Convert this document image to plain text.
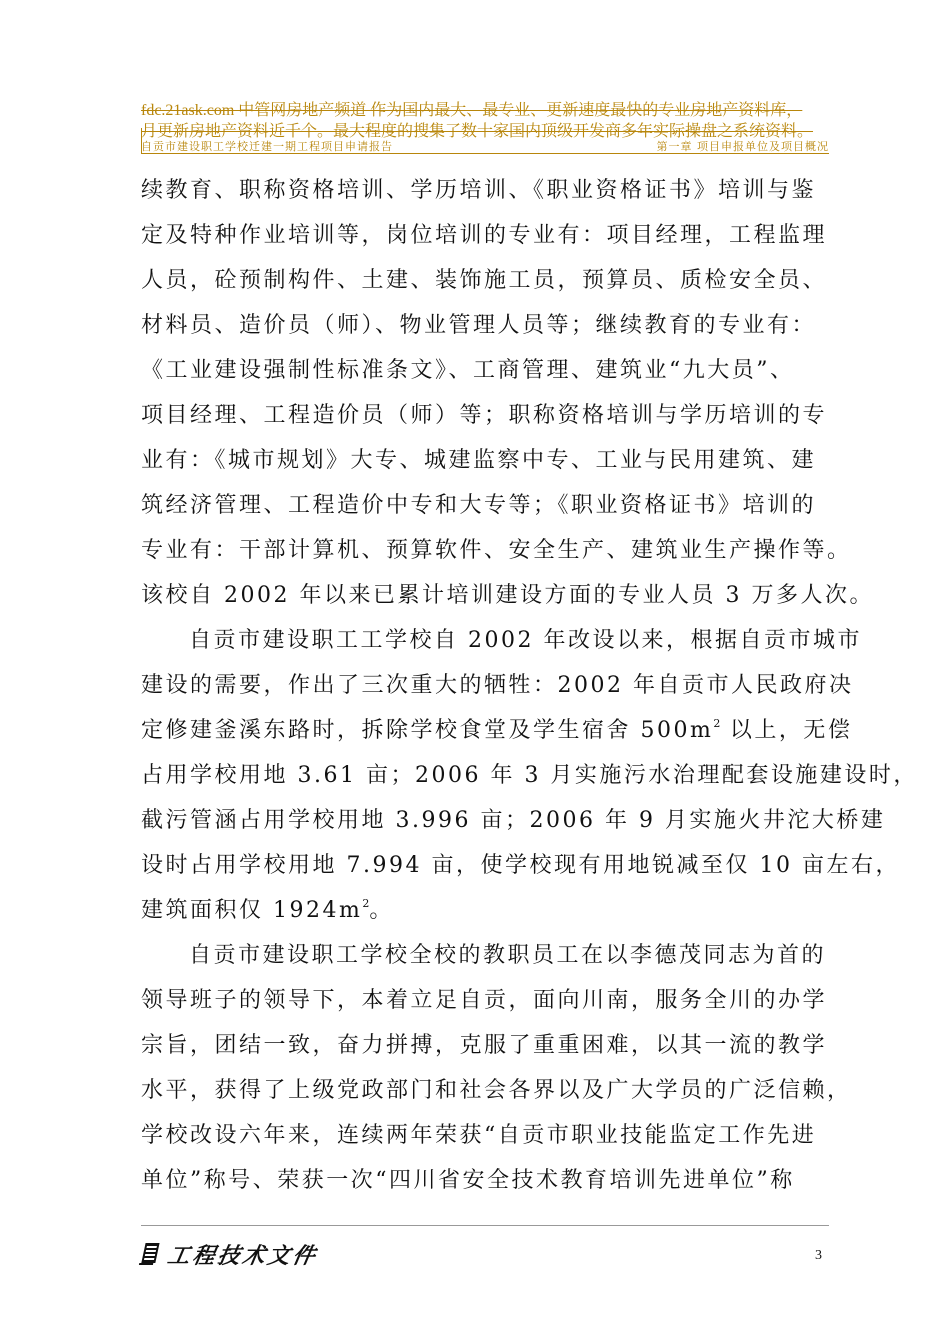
fdc.21ask.com 中管网房地产频道 作为国内最大、最专业、更新速度最快的专业房地产资料库，
月更新房地产资料近千个。最大程度的搜集了数十家国内顶级开发商多年实际操盘之系统资料。
自贡市建设职工学校迁建一期工程项目申请报告	第一章 项目申报单位及项目概况
续教育、职称资格培训、学历培训、《职业资格证书》培训与鉴
定及特种作业培训等，岗位培训的专业有：项目经理，工程监理
人员，砼预制构件、土建、装饰施工员，预算员、质检安全员、
材料员、造价员（师）、物业管理人员等；继续教育的专业有：
《工业建设强制性标准条文》、工商管理、建筑业“九大员”、
项目经理、工程造价员（师）等；职称资格培训与学历培训的专
业有：《城市规划》大专、城建监察中专、工业与民用建筑、建
筑经济管理、工程造价中专和大专等；《职业资格证书》培训的
专业有：干部计算机、预算软件、安全生产、建筑业生产操作等。
该校自 2002 年以来已累计培训建设方面的专业人员 3 万多人次。
自贡市建设职工工学校自 2002 年改设以来，根据自贡市城市
建设的需要，作出了三次重大的牺牲：2002 年自贡市人民政府决
定修建釜溪东路时，拆除学校食堂及学生宿舍 $500m^2$ 以上，无偿
占用学校用地 3.61 亩；2006 年 3 月实施污水治理配套设施建设时，
截污管涵占用学校用地 3.996 亩；2006 年 9 月实施火井沱大桥建
设时占用学校用地 7.994 亩，使学校现有用地锐减至仅 10 亩左右，
建筑面积仅 $1924m^2$。
自贡市建设职工学校全校的教职员工在以李德茂同志为首的
领导班子的领导下，本着立足自贡，面向川南，服务全川的办学
宗旨，团结一致，奋力拼搏，克服了重重困难，以其一流的教学
水平，获得了上级党政部门和社会各界以及广大学员的广泛信赖，
学校改设六年来，连续两年荣获“自贡市职业技能监定工作先进
单位”称号、荣获一次“四川省安全技术教育培训先进单位”称
工程技术文件	3
